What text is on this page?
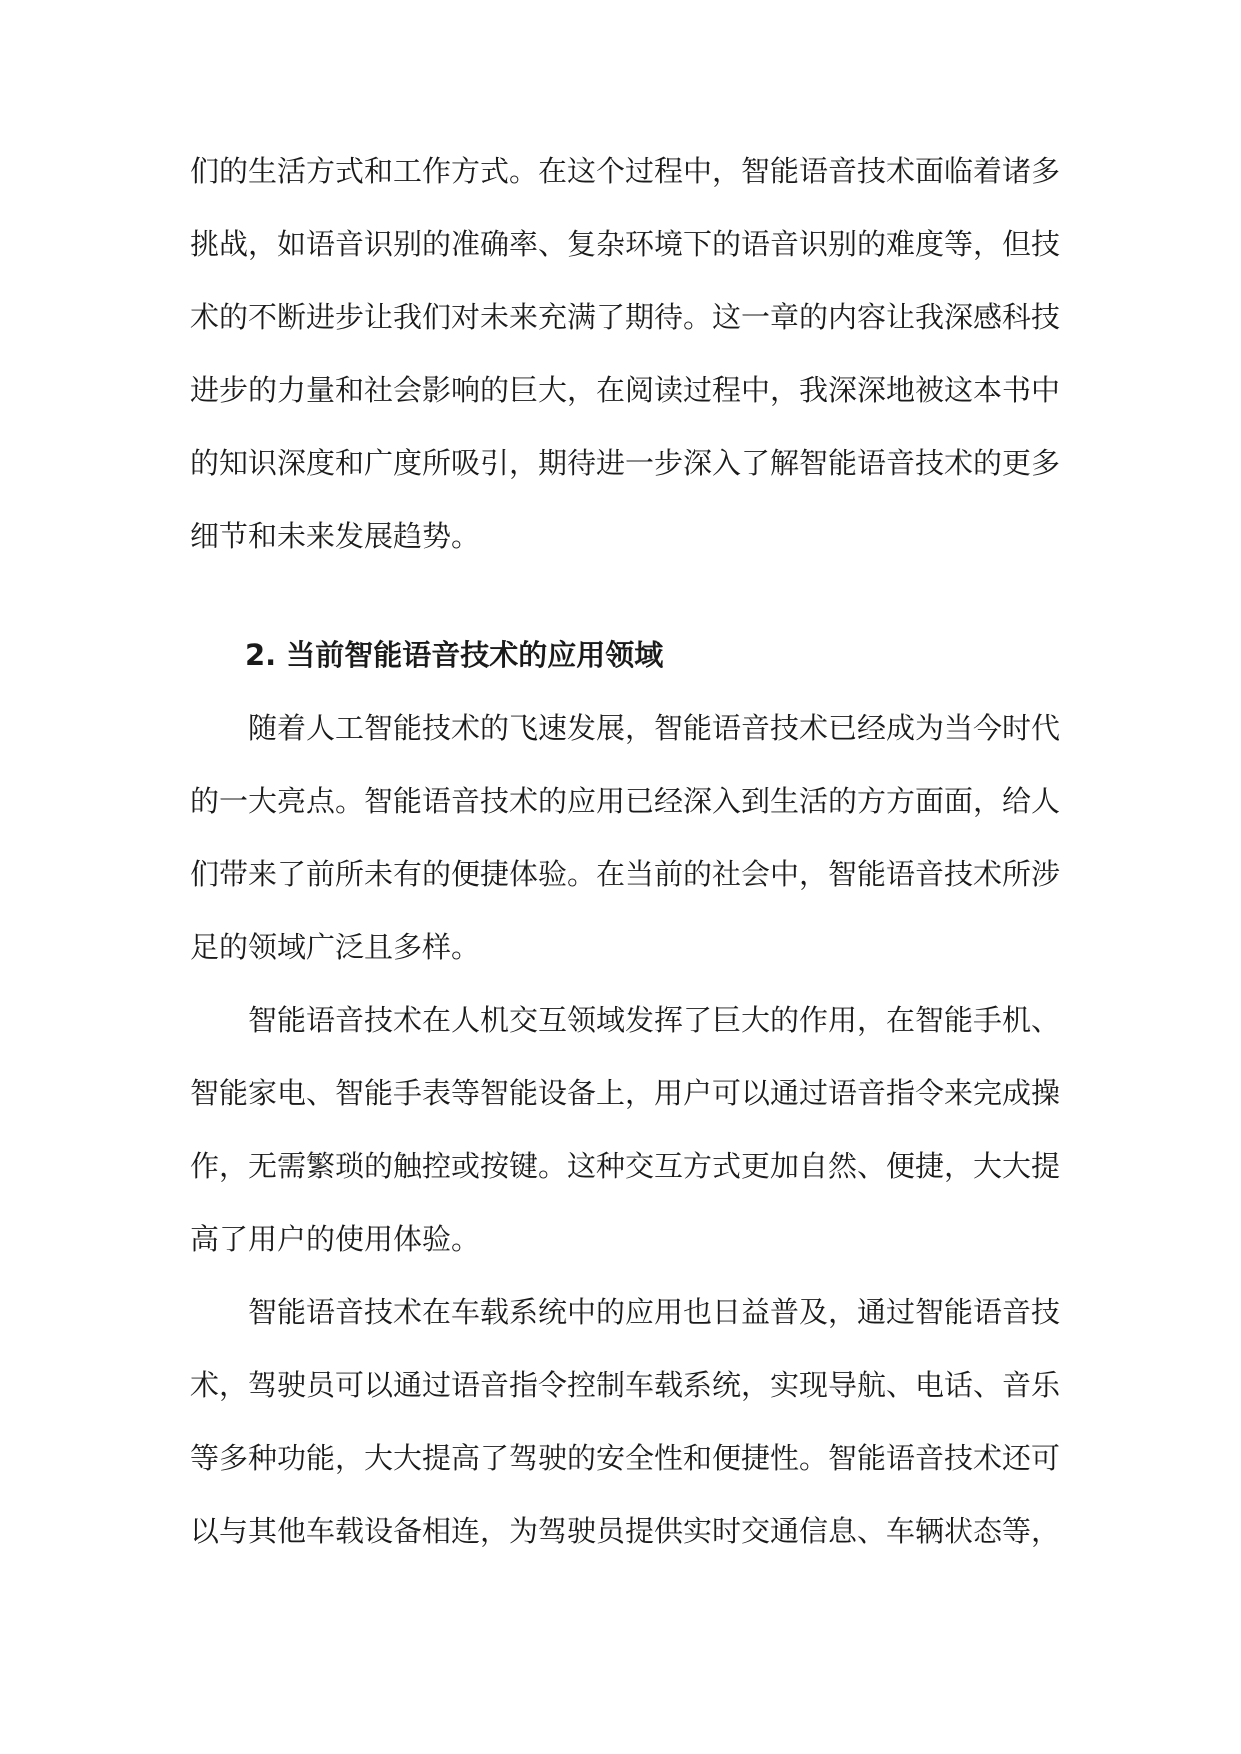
们的生活方式和工作方式。在这个过程中，智能语音技术面临着诸多
挑战，如语音识别的准确率、复杂环境下的语音识别的难度等，但技
术的不断进步让我们对未来充满了期待。这一章的内容让我深感科技
进步的力量和社会影响的巨大，在阅读过程中，我深深地被这本书中
的知识深度和广度所吸引，期待进一步深入了解智能语音技术的更多
细节和未来发展趋势。
2. 当前智能语音技术的应用领域
随着人工智能技术的飞速发展，智能语音技术已经成为当今时代
的一大亮点。智能语音技术的应用已经深入到生活的方方面面，给人
们带来了前所未有的便捷体验。在当前的社会中，智能语音技术所涉
足的领域广泛且多样。
智能语音技术在人机交互领域发挥了巨大的作用，在智能手机、
智能家电、智能手表等智能设备上，用户可以通过语音指令来完成操
作，无需繁琐的触控或按键。这种交互方式更加自然、便捷，大大提
高了用户的使用体验。
智能语音技术在车载系统中的应用也日益普及，通过智能语音技
术，驾驶员可以通过语音指令控制车载系统，实现导航、电话、音乐
等多种功能，大大提高了驾驶的安全性和便捷性。智能语音技术还可
以与其他车载设备相连，为驾驶员提供实时交通信息、车辆状态等，
